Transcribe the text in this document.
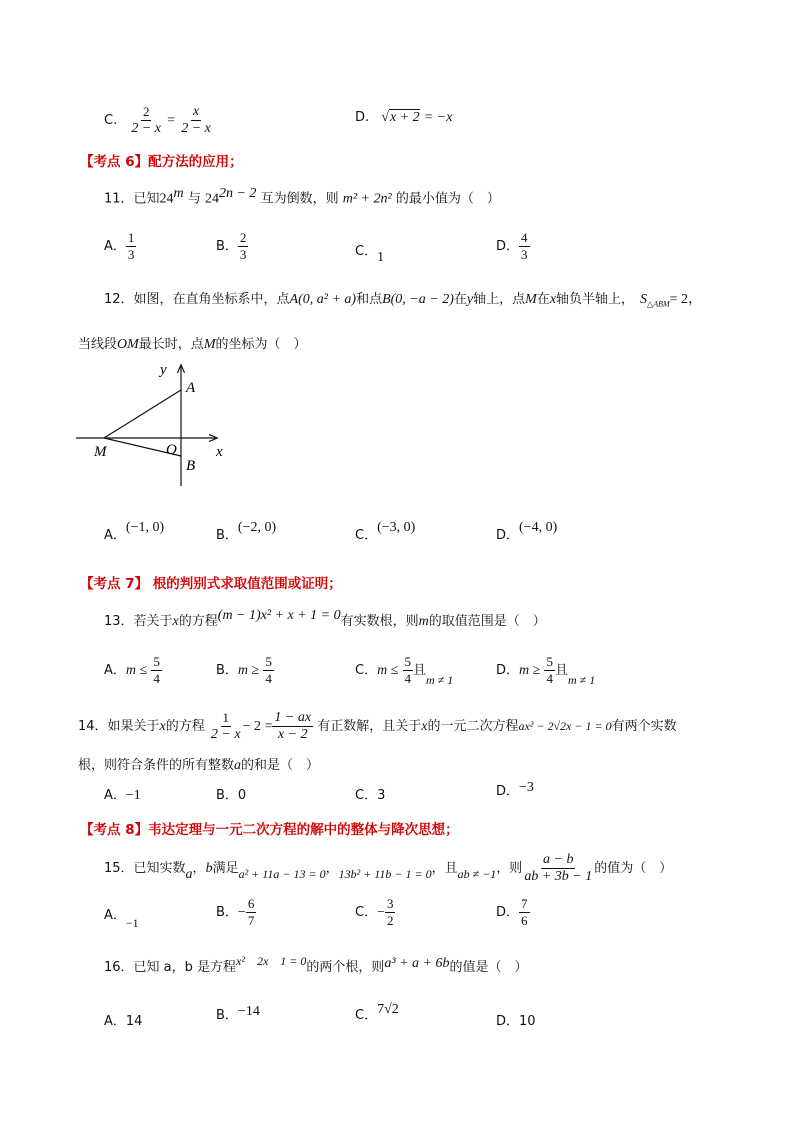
C. $\frac{2}{2 - x} = \frac{x}{2 - x}$	D. √x + 2 = −x
【考点 6】配方法的应用；
11．已知24$^m$ 与 $24^{2n - 2}$ 互为倒数，则 m² + 2n² 的最小值为（　）
A． $\frac{1}{3}$	B． $\frac{2}{3}$	C．1
D． $\frac{4}{3}$
12．如图，在直角坐标系中，点A(0, a² + a)和点B(0, −a − 2)在y轴上，点M在x轴负半轴上， $S_{\triangle ABM}= 2$，
当线段OM最长时，点M的坐标为（　）
y
x
A
B
O
M
A．(−1, 0)
B．(−2, 0)
C．(−3, 0)
D．(−4, 0)
【考点 7】 根的判别式求取值范围或证明；
13．若关于x的方程(m − 1)x² + x + 1 = 0有实数根，则m的取值范围是（　）
A．$m \le \frac{5}{4}$	B．$m \ge \frac{5}{4}$	C．$m \le \frac{5}{4}$ 且m ≠ 1
D．$m \ge \frac{5}{4}$ 且m ≠ 1
14．如果关于x的方程 $\frac{1}{2 - x} - 2 = \frac{1 - ax}{x - 2}$ 有正数解，且关于x的一元二次方程ax² − 2√2x − 1 = 0有两个实数
根，则符合条件的所有整数a的和是（　）
A．−1	B．0	C．3	D．−3
【考点 8】韦达定理与一元二次方程的解中的整体与降次思想；
15．已知实数a，b满足a² + 11a − 13 = 0，13b² + 11b − 1 = 0，且ab ≠ −1，则 $\frac{a - b}{ab + 3b - 1}$ 的值为（　）
A．−1
B．− $\frac{6}{7}$	C．− $\frac{3}{2}$	D． $\frac{7}{6}$
16．已知 a，b 是方程x²　2x　1 = 0的两个根，则a³ + a + 6b的值是（　）
A．14	B．−14	C．7√2
D．10
